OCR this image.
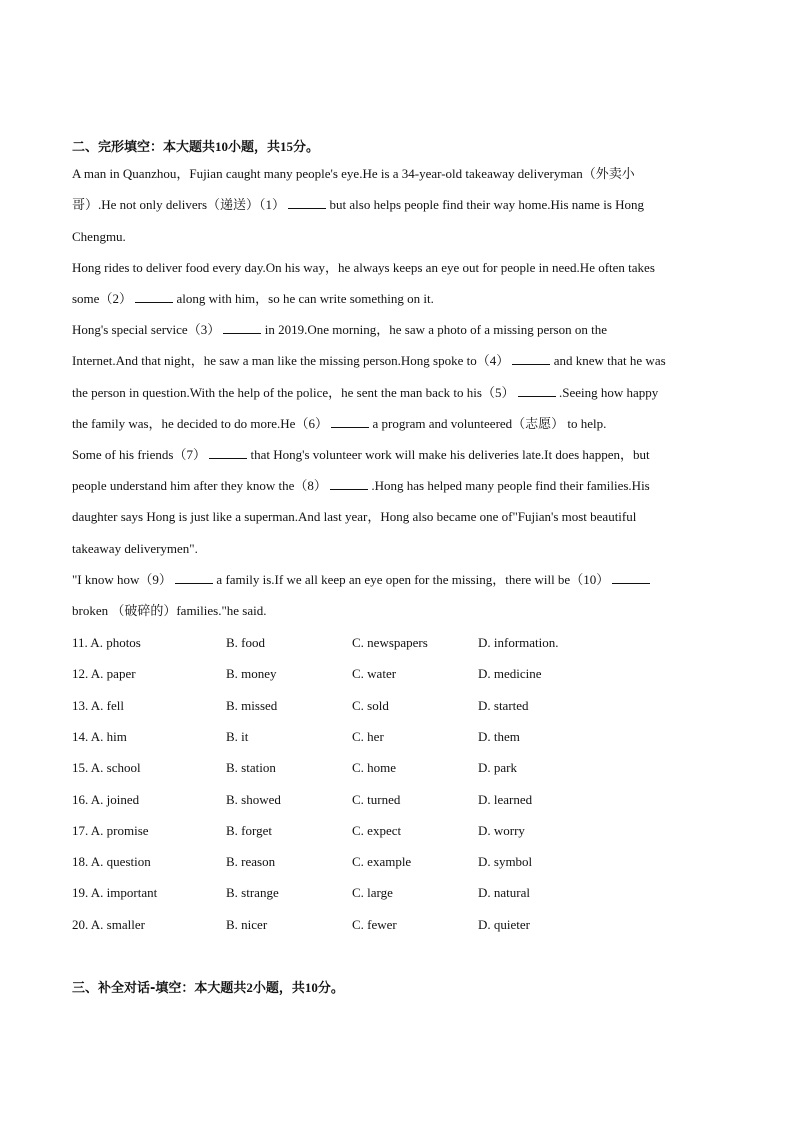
二、完形填空：本大题共10小题，共15分。
A man in Quanzhou，Fujian caught many people's eye.He is a 34-year-old takeaway deliveryman（外卖小
哥）.He not only delivers（递送）（1）	but also helps people find their way home.His name is Hong
Chengmu.
Hong rides to deliver food every day.On his way，he always keeps an eye out for people in need.He often takes
some（2）	along with him，so he can write something on it.
Hong's special service（3）	in 2019.One morning，he saw a photo of a missing person on the
Internet.And that night，he saw a man like the missing person.Hong spoke to（4）	and knew that he was
the person in question.With the help of the police，he sent the man back to his（5）	.Seeing how happy
the family was，he decided to do more.He（6）	a program and volunteered（志愿） to help.
Some of his friends（7）	that Hong's volunteer work will make his deliveries late.It does happen，but
people understand him after they know the（8）	.Hong has helped many people find their families.His
daughter says Hong is just like a superman.And last year，Hong also became one of"Fujian's most beautiful
takeaway deliverymen".
"I know how（9）	a family is.If we all keep an eye open for the missing，there will be（10）
broken （破碎的）families."he said.
11. A. photos	B. food	C. newspapers	D. information.
12. A. paper	B. money	C. water	D. medicine
13. A. fell	B. missed	C. sold	D. started
14. A. him	B. it	C. her	D. them
15. A. school	B. station	C. home	D. park
16. A. joined	B. showed	C. turned	D. learned
17. A. promise	B. forget	C. expect	D. worry
18. A. question	B. reason	C. example	D. symbol
19. A. important	B. strange	C. large	D. natural
20. A. smaller	B. nicer	C. fewer	D. quieter
三、补全对话-填空：本大题共2小题，共10分。
